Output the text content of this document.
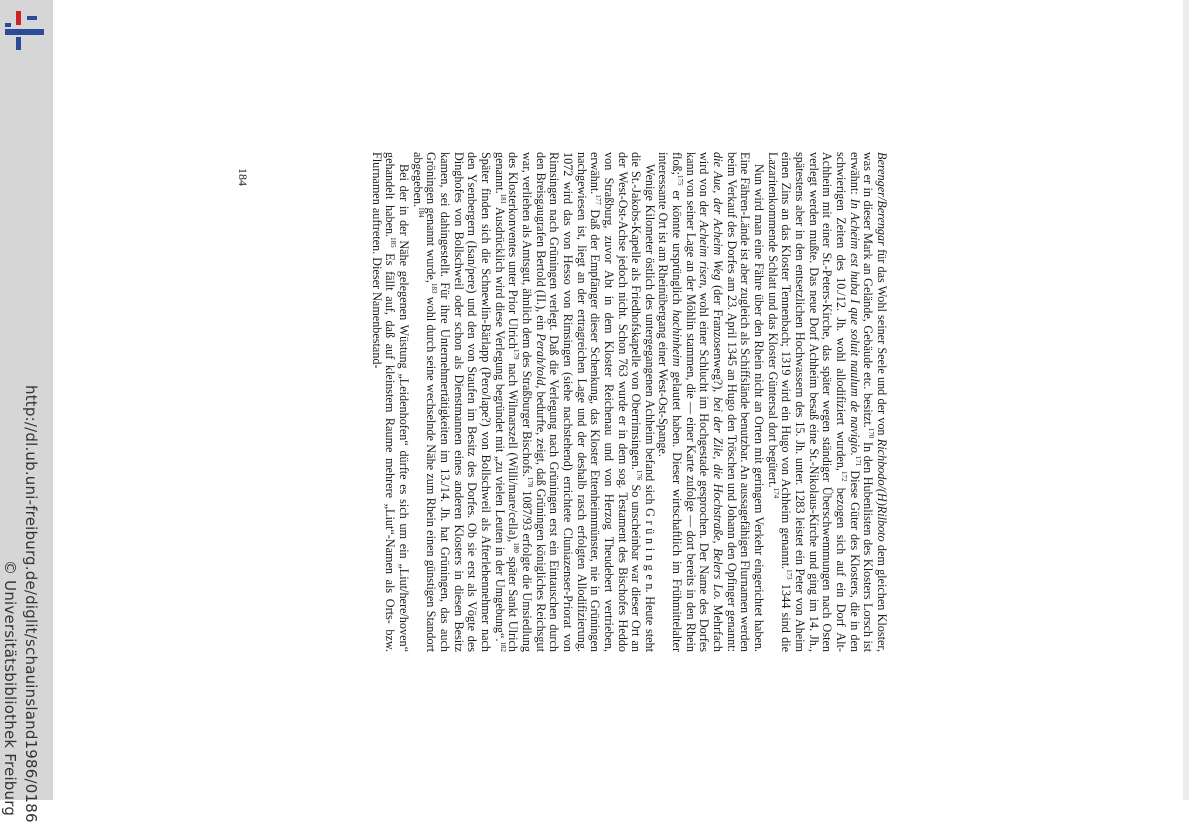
http://dl.ub.uni-freiburg.de/diglit/schauinsland1986/0186
© Universitätsbibliothek Freiburg

Berenger/Berengar für das Wohl seiner Seele und der von Richbodo/(H)Rilboto dem gleichen Kloster, was er in dieser Mark an Gelände, Gebäude etc. besitzt.$^{170}$ In den Hubenlisten des Klosters Lorsch ist erwähnt: In Acheim est huba I que soluit naulum de navigio.$^{171}$ Diese Güter des Klosters, die in den schwierigen Zeiten des 10./12. Jh. wohl allodifiziert wurden,$^{172}$ bezogen sich auf ein Dorf Alt-Achheim mit einer St.-Peters-Kirche, das später wegen ständiger Überschwemmungen nach Osten verlegt werden mußte. Das neue Dorf Achheim besaß eine St.-Nikolaus-Kirche und ging im 14. Jh., spätestens aber in den entsetzlichen Hochwassern des 15. Jh. unter. 1283 leistet ein Peter von Aheim einen Zins an das Kloster Tennenbach; 1319 wird ein Hugo von Achheim genannt.$^{173}$ 1344 sind die Lazaritenkommende Schlatt und das Kloster Güntersal dort begütert.$^{174}$

Nun wird man eine Fähre über den Rhein nicht an Orten mit geringem Verkehr eingerichtet haben. Eine Fähren-Lände ist aber zugleich als Schiffslände benutzbar. An aussagefähigen Flurnamen werden beim Verkauf des Dorfes am 23. April 1345 an Hugo den Tröschen und Johann den Opfinger genannt: die Aue, der Acheim Weg (der Franzosenweg?), bei der Zile, die Hochstraße, Belers Lo. Mehrfach wird von der Acheim risen, wohl einer Schlucht im Hochgestade gesprochen. Der Name des Dorfes kann von seiner Lage an der Möhlin stammen, die — einer Karte zufolge — dort bereits in den Rhein floß;$^{175}$ er könnte ursprünglich hachinheim gelautet haben. Dieser wirtschaftlich im Frühmittelalter interessante Ort ist am Rheinübergang einer West-Ost-Spange.

Wenige Kilometer östlich des untergegangenen Achheim befand sich G r ü n i n g e n. Heute steht die St.-Jakobs-Kapelle als Friedhofskapelle von Oberrimsingen.$^{176}$ So unscheinbar war dieser Ort an der West-Ost-Achse jedoch nicht. Schon 763 wurde er in dem sog. Testament des Bischofes Heddo von Straßburg, zuvor Abt in dem Kloster Reichenau und von Herzog Theudebert vertrieben, erwähnt.$^{177}$ Daß der Empfänger dieser Schenkung, das Kloster Ettenheimmünster, nie in Grüningen nachgewiesen ist, liegt an der ertragreichen Lage und der deshalb rasch erfolgten Allodifizierung. 1072 wird das von Hesso von Rimsingen (siehe nachstehend) errichtete Cluniazenser-Priorat von Rimsingen nach Grüningen verlegt. Daß die Verlegung nach Grüningen erst ein Eintauschen durch den Breisgaugrafen Bertold (II.), ein Perah/told, bedurfte, zeigt, daß Grüningen königliches Reichsgut war, verliehen als Amtsgut, ähnlich dem des Straßburger Bischofs.$^{178}$ 1087/93 erfolgte die Umsiedlung des Klosterkonventes unter Prior Ulrich$^{179}$ nach Wilmarszell (Willi/mare/cella),$^{180}$ später Sankt Ulrich genannt.$^{181}$ Ausdrücklich wird diese Verlegung begründet mit „zu vielen Leuten in der Umgebung“.$^{182}$ Später finden sich die Schnewlin-Bärlapp (Pero/lape?) von Bollschweil als Afterlehennehmer nach den Ysenbergern (Isan/pere) und den von Staufen im Besitz des Dorfes. Ob sie erst als Vögte des Dinghofes von Bollschweil oder schon als Dienstmannen eines anderen Klosters in diesen Besitz kamen, sei dahingestellt. Für ihre Unternehmertätigkeiten im 13./14. Jh. hat Grüningen, das auch Gröningen genannt wurde,$^{183}$ wohl durch seine wechselnde Nähe zum Rhein einen günstigen Standort abgegeben.$^{184}$

Bei der in der Nähe gelegenen Wüstung „Leidenhofen“ dürfte es sich um ein „Liut/here/hoven“ gehandelt haben.$^{185}$ Es fällt auf, daß auf kleinstem Raume mehrere „Liut“-Namen als Orts- bzw. Flurnamen auftreten. Dieser Namenbestand-

184
